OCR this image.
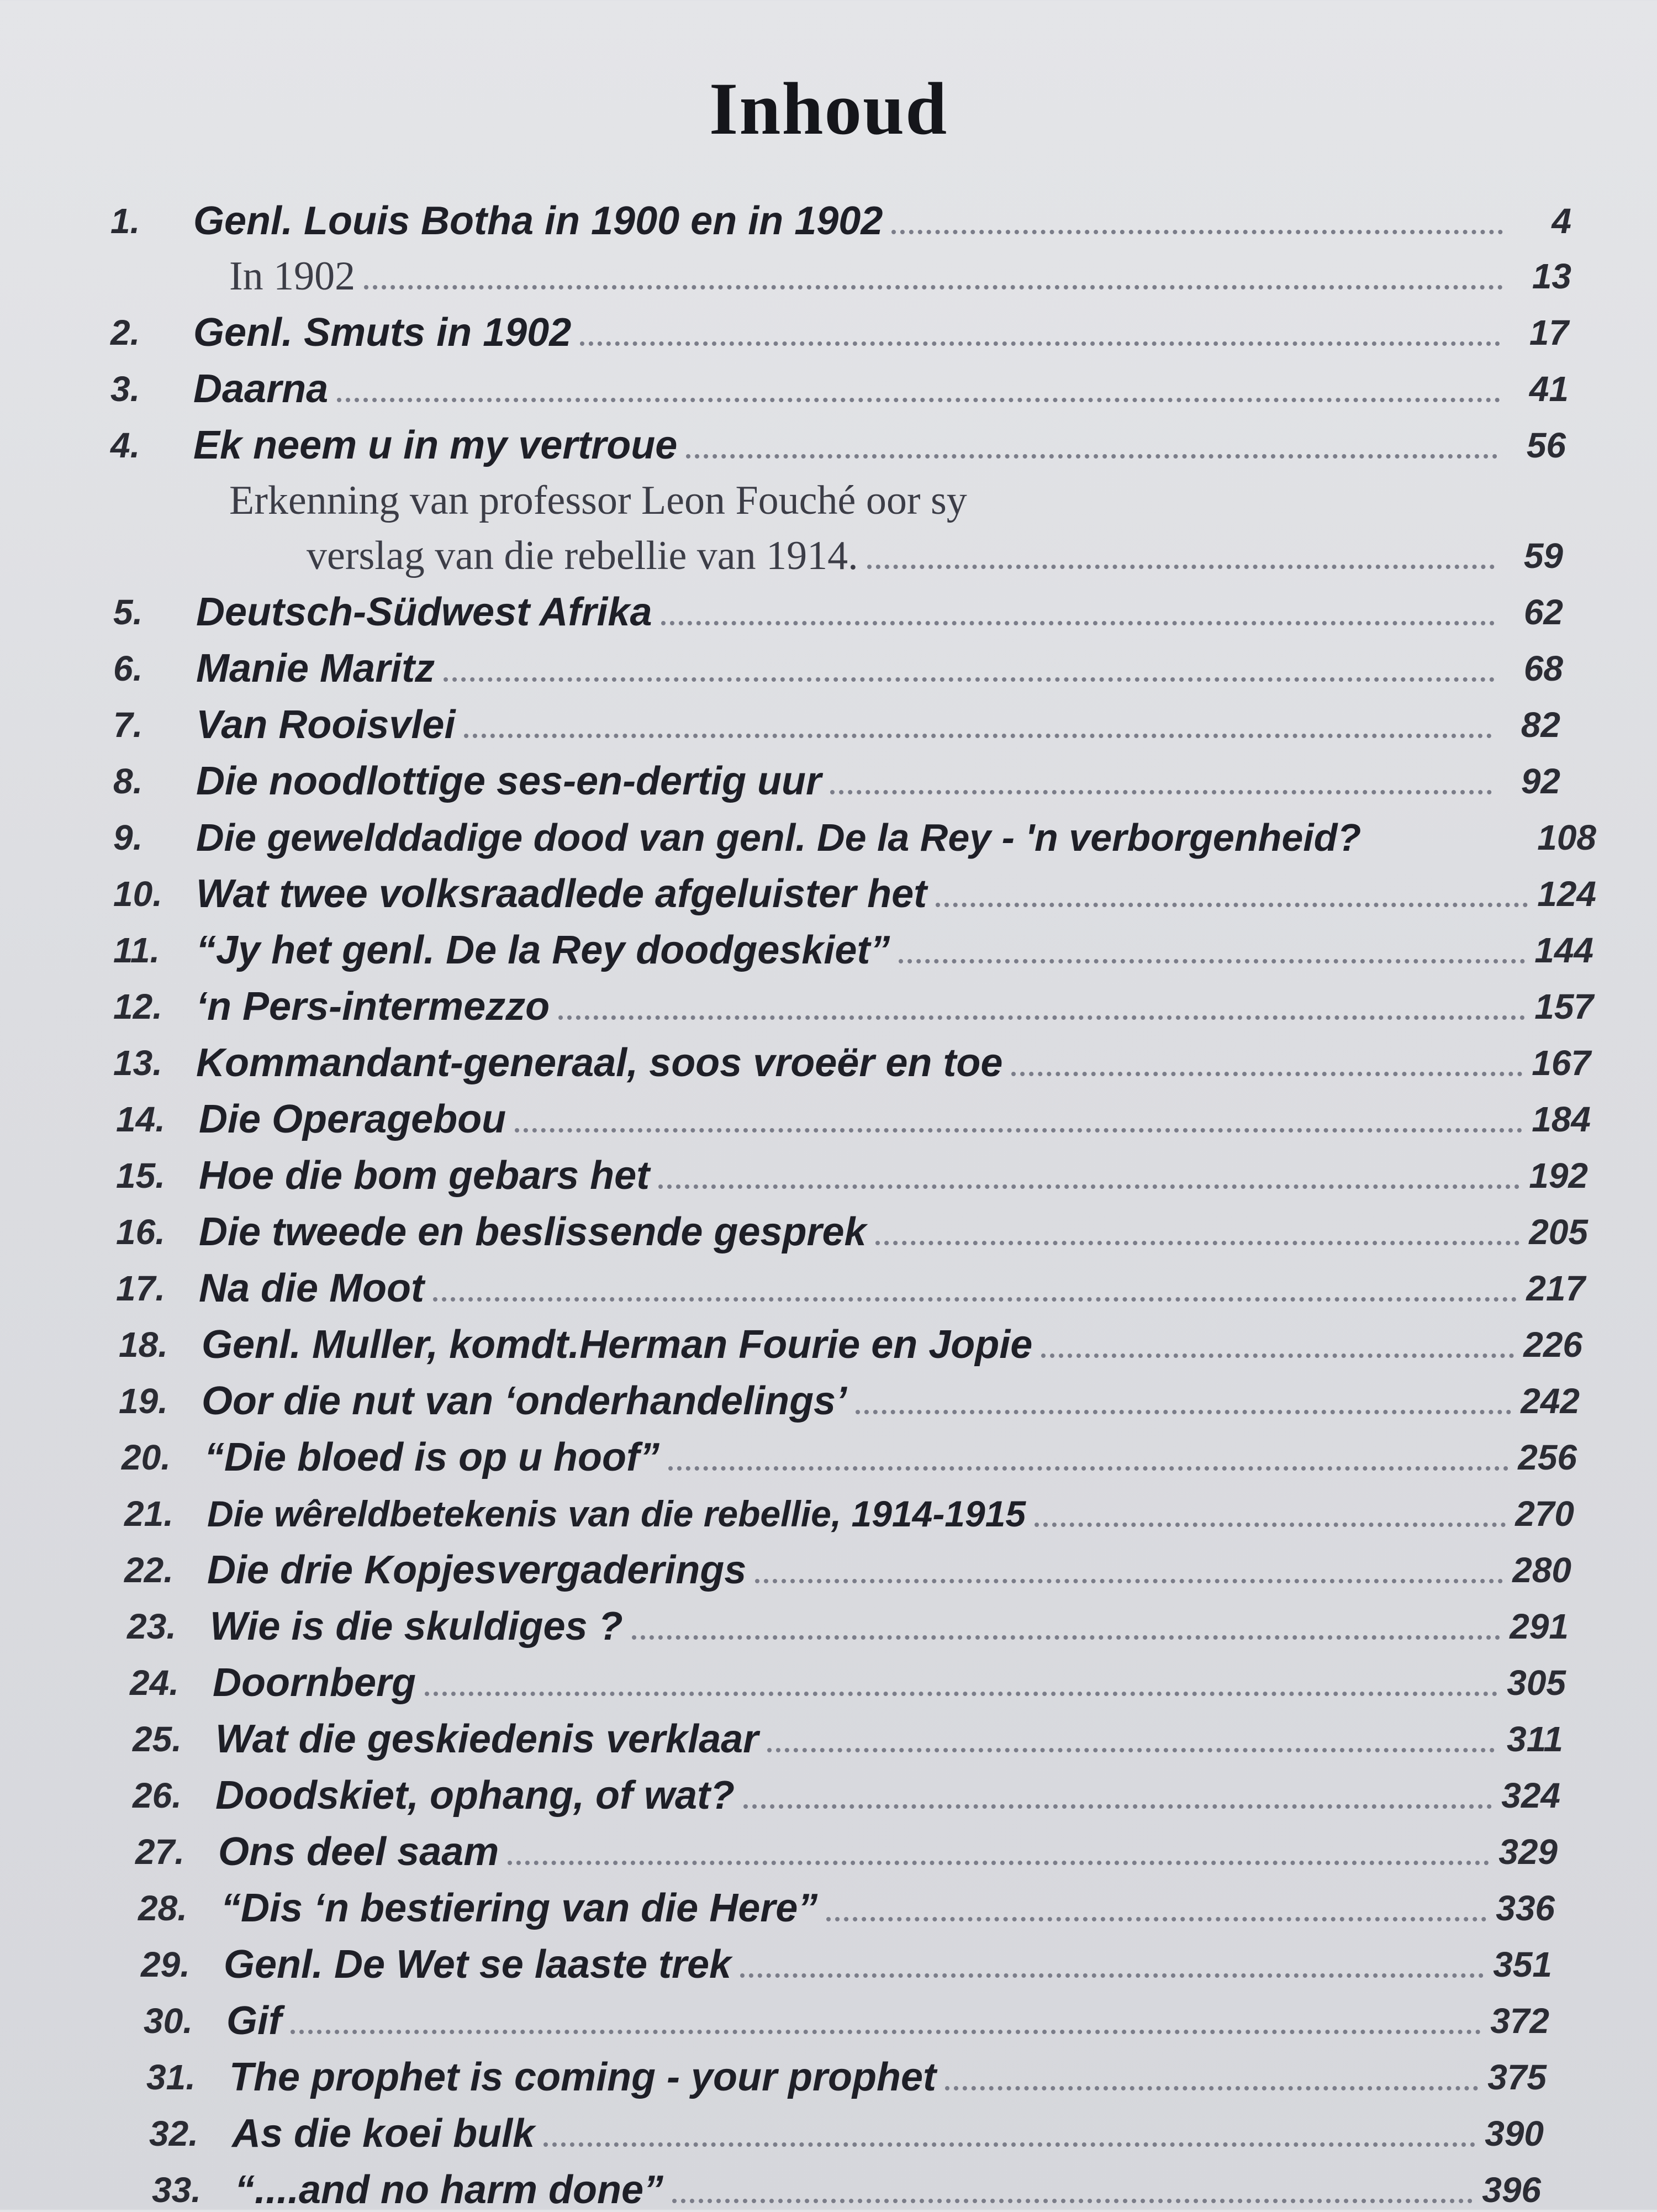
Inhoud
1.	Genl. Louis Botha in 1900 en in 1902	4
In 1902	13
2.	Genl. Smuts in 1902	17
3.	Daarna	41
4.	Ek neem u in my vertroue	56
Erkenning van professor Leon Fouché oor sy
verslag van die rebellie van 1914.	59
5.	Deutsch-Südwest Afrika	62
6.	Manie Maritz	68
7.	Van Rooisvlei	82
8.	Die noodlottige ses-en-dertig uur	92
9.	Die gewelddadige dood van genl. De la Rey - 'n verborgenheid?	108
10. Wat twee volksraadlede afgeluister het	124
11. “Jy het genl. De la Rey doodgeskiet”	144
12. ‘n Pers-intermezzo	157
13. Kommandant-generaal, soos vroeër en toe	167
14. Die Operagebou	184
15. Hoe die bom gebars het	192
16. Die tweede en beslissende gesprek	205
17. Na die Moot	217
18. Genl. Muller, komdt.Herman Fourie en Jopie	226
19. Oor die nut van ‘onderhandelings’	242
20. “Die bloed is op u hoof”	256
21. Die wêreldbetekenis van die rebellie, 1914-1915	270
22. Die drie Kopjesvergaderings	280
23. Wie is die skuldiges ?	291
24. Doornberg	305
25. Wat die geskiedenis verklaar	311
26. Doodskiet, ophang, of wat?	324
27. Ons deel saam	329
28. “Dis ‘n bestiering van die Here”	336
29. Genl. De Wet se laaste trek	351
30. Gif	372
31. The prophet is coming - your prophet	375
32. As die koei bulk	390
33. “....and no harm done”	396
